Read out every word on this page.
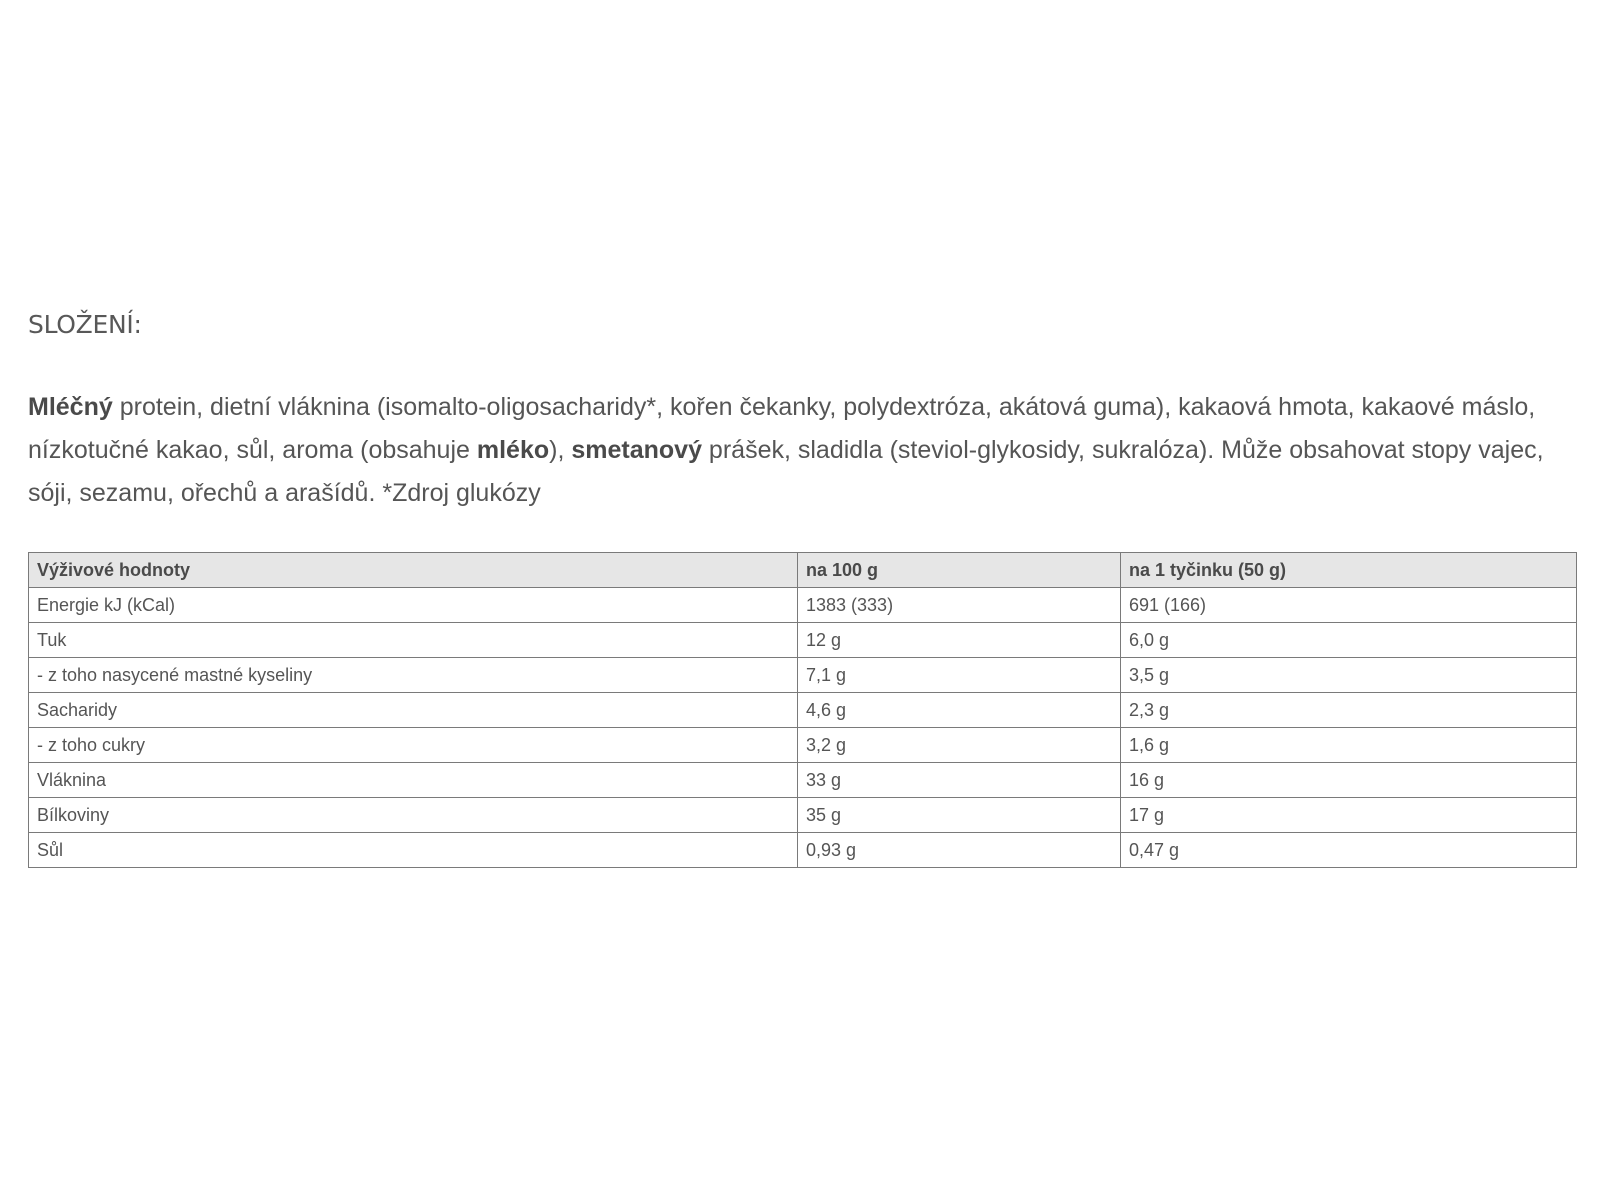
SLOŽENÍ:

Mléčný protein, dietní vláknina (isomalto-oligosacharidy*, kořen čekanky, polydextróza, akátová guma), kakaová hmota, kakaové máslo, nízkotučné kakao, sůl, aroma (obsahuje mléko), smetanový prášek, sladidla (steviol-glykosidy, sukralóza). Může obsahovat stopy vajec, sóji, sezamu, ořechů a arašídů. *Zdroj glukózy

Výživové hodnoty	na 100 g	na 1 tyčinku (50 g)
Energie kJ (kCal)	1383 (333)	691 (166)
Tuk	12 g	6,0 g
- z toho nasycené mastné kyseliny	7,1 g	3,5 g
Sacharidy	4,6 g	2,3 g
- z toho cukry	3,2 g	1,6 g
Vláknina	33 g	16 g
Bílkoviny	35 g	17 g
Sůl	0,93 g	0,47 g
